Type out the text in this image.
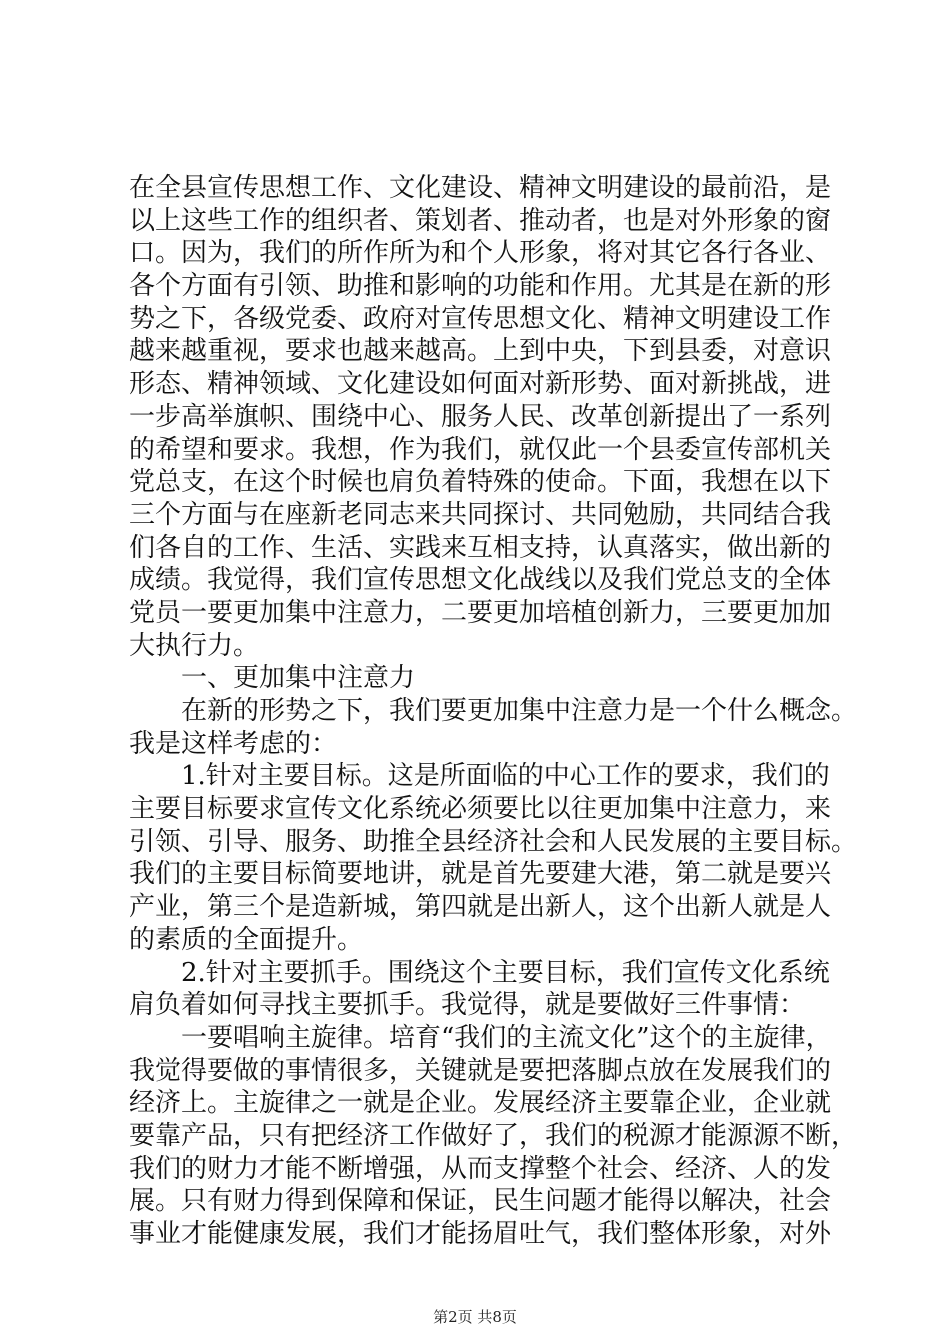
在全县宣传思想工作、文化建设、精神文明建设的最前沿，是
以上这些工作的组织者、策划者、推动者，也是对外形象的窗
口。因为，我们的所作所为和个人形象，将对其它各行各业、
各个方面有引领、助推和影响的功能和作用。尤其是在新的形
势之下，各级党委、政府对宣传思想文化、精神文明建设工作
越来越重视，要求也越来越高。上到中央，下到县委，对意识
形态、精神领域、文化建设如何面对新形势、面对新挑战，进
一步高举旗帜、围绕中心、服务人民、改革创新提出了一系列
的希望和要求。我想，作为我们，就仅此一个县委宣传部机关
党总支，在这个时候也肩负着特殊的使命。下面，我想在以下
三个方面与在座新老同志来共同探讨、共同勉励，共同结合我
们各自的工作、生活、实践来互相支持，认真落实，做出新的
成绩。我觉得，我们宣传思想文化战线以及我们党总支的全体
党员一要更加集中注意力，二要更加培植创新力，三要更加加
大执行力。
一、更加集中注意力
在新的形势之下，我们要更加集中注意力是一个什么概念。
我是这样考虑的：
1.针对主要目标。这是所面临的中心工作的要求，我们的
主要目标要求宣传文化系统必须要比以往更加集中注意力，来
引领、引导、服务、助推全县经济社会和人民发展的主要目标。
我们的主要目标简要地讲，就是首先要建大港，第二就是要兴
产业，第三个是造新城，第四就是出新人，这个出新人就是人
的素质的全面提升。
2.针对主要抓手。围绕这个主要目标，我们宣传文化系统
肩负着如何寻找主要抓手。我觉得，就是要做好三件事情：
一要唱响主旋律。培育“我们的主流文化”这个的主旋律，
我觉得要做的事情很多，关键就是要把落脚点放在发展我们的
经济上。主旋律之一就是企业。发展经济主要靠企业，企业就
要靠产品，只有把经济工作做好了，我们的税源才能源源不断，
我们的财力才能不断增强，从而支撑整个社会、经济、人的发
展。只有财力得到保障和保证，民生问题才能得以解决，社会
事业才能健康发展，我们才能扬眉吐气，我们整体形象，对外
第2页 共8页
